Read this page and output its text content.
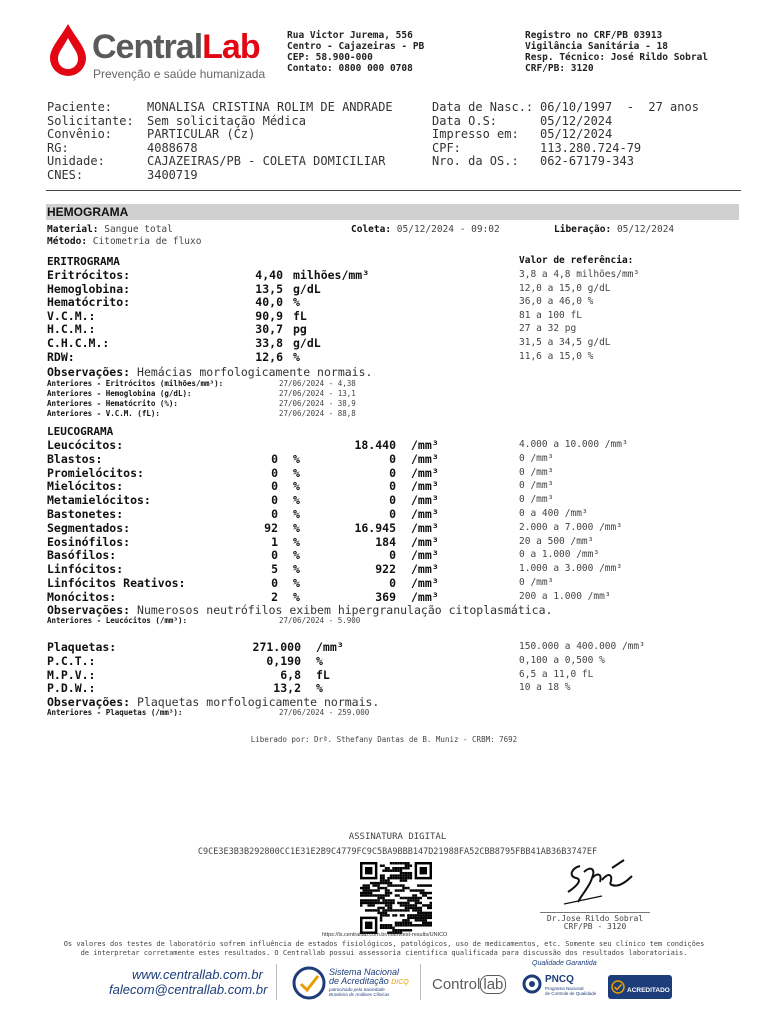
CentralLab
Prevenção e saúde humanizada
Rua Victor Jurema, 556
Centro - Cajazeiras - PB
CEP: 58.900-000
Contato: 0800 000 0708
Registro no CRF/PB 03913
Vigilância Sanitária - 18
Resp. Técnico: José Rildo Sobral
CRF/PB: 3120
Paciente:	MONALISA CRISTINA ROLIM DE ANDRADE
Solicitante: Sem solicitação Médica
Convênio:	PARTICULAR (Cz)
RG:	4088678
Unidade:	CAJAZEIRAS/PB - COLETA DOMICILIAR
CNES:	3400719
Data de Nasc.: 06/10/1997  -  27 anos
Data O.S:	05/12/2024
Impresso em: 05/12/2024
CPF:	113.280.724-79
Nro. da OS.: 062-67179-343
HEMOGRAMA
Material: Sangue total	Coleta: 05/12/2024 - 09:02	Liberação: 05/12/2024
Método: Citometria de fluxo
ERITROGRAMA	Valor de referência:
Observações: Hemácias morfologicamente normais.
LEUCOGRAMA
Observações: Numerosos neutrófilos exibem hipergranulação citoplasmática.
Observações: Plaquetas morfologicamente normais.
Liberado por: Drª. Sthefany Dantas de B. Muniz - CRBM: 7692
ASSINATURA DIGITAL
C9CE3E3B3B292800CC1E31E2B9C4779FC9C5BA9BBB147D21988FA52CBB8795FBB41AB36B3747EF
https://ls.centrallab.com.br/main/test-results/UNICO
Dr.Jose Rildo Sobral
CRF/PB - 3120
Os valores dos testes de laboratório sofrem influência de estados fisiológicos, patológicos, uso de medicamentos, etc. Somente seu clínico tem condições
de interpretar corretamente estes resultados. O Centrallab possui assessoria científica qualificada para discussão dos resultados laboratoriais.
www.centrallab.com.br
falecom@centrallab.com.br
Sistema Nacional
de Acreditação DICQ
patrocinado pela Sociedade
Brasileira de Análises Clínicas
Control lab	PNCQ
Programa Nacional
de Controle de Qualidade
Qualidade Garantida
ACREDITADO
Eritrócitos:	4,40 milhões/mm³	3,8 a 4,8 milhões/mm³
Hemoglobina:	13,5 g/dL	12,0 a 15,0 g/dL
Hematócrito:	40,0 %	36,0 a 46,0 %
V.C.M.:	90,9 fL	81 a 100 fL
H.C.M.:	30,7 pg	27 a 32 pg
C.H.C.M.:	33,8 g/dL	31,5 a 34,5 g/dL
RDW:	12,6 %	11,6 a 15,0 %
Anteriores - Eritrócitos (milhões/mm³):	27/06/2024 - 4,38
Anteriores - Hemoglobina (g/dL):	27/06/2024 - 13,1
Anteriores - Hematócrito (%):	27/06/2024 - 38,9
Anteriores - V.C.M. (fL):	27/06/2024 - 88,8
Leucócitos:	18.440 /mm³	4.000 a 10.000 /mm³
Blastos:	0 %	0 /mm³	0 /mm³
Promielócitos:	0 %	0 /mm³	0 /mm³
Mielócitos:	0 %	0 /mm³	0 /mm³
Metamielócitos:	0 %	0 /mm³	0 /mm³
Bastonetes:	0 %	0 /mm³	0 a 400 /mm³
Segmentados:	92 %	16.945 /mm³	2.000 a 7.000 /mm³
Eosinófilos:	1 %	184 /mm³	20 a 500 /mm³
Basófilos:	0 %	0 /mm³	0 a 1.000 /mm³
Linfócitos:	5 %	922 /mm³	1.000 a 3.000 /mm³
Linfócitos Reativos:	0 %	0 /mm³	0 /mm³
Monócitos:	2 %	369 /mm³	200 a 1.000 /mm³
Anteriores - Leucócitos (/mm³):	27/06/2024 - 5.900
Plaquetas:	271.000 /mm³	150.000 a 400.000 /mm³
P.C.T.:	0,190 %	0,100 a 0,500 %
M.P.V.:	6,8 fL	6,5 a 11,0 fL
P.D.W.:	13,2 %	10 a 18 %
Anteriores - Plaquetas (/mm³):	27/06/2024 - 259.000
